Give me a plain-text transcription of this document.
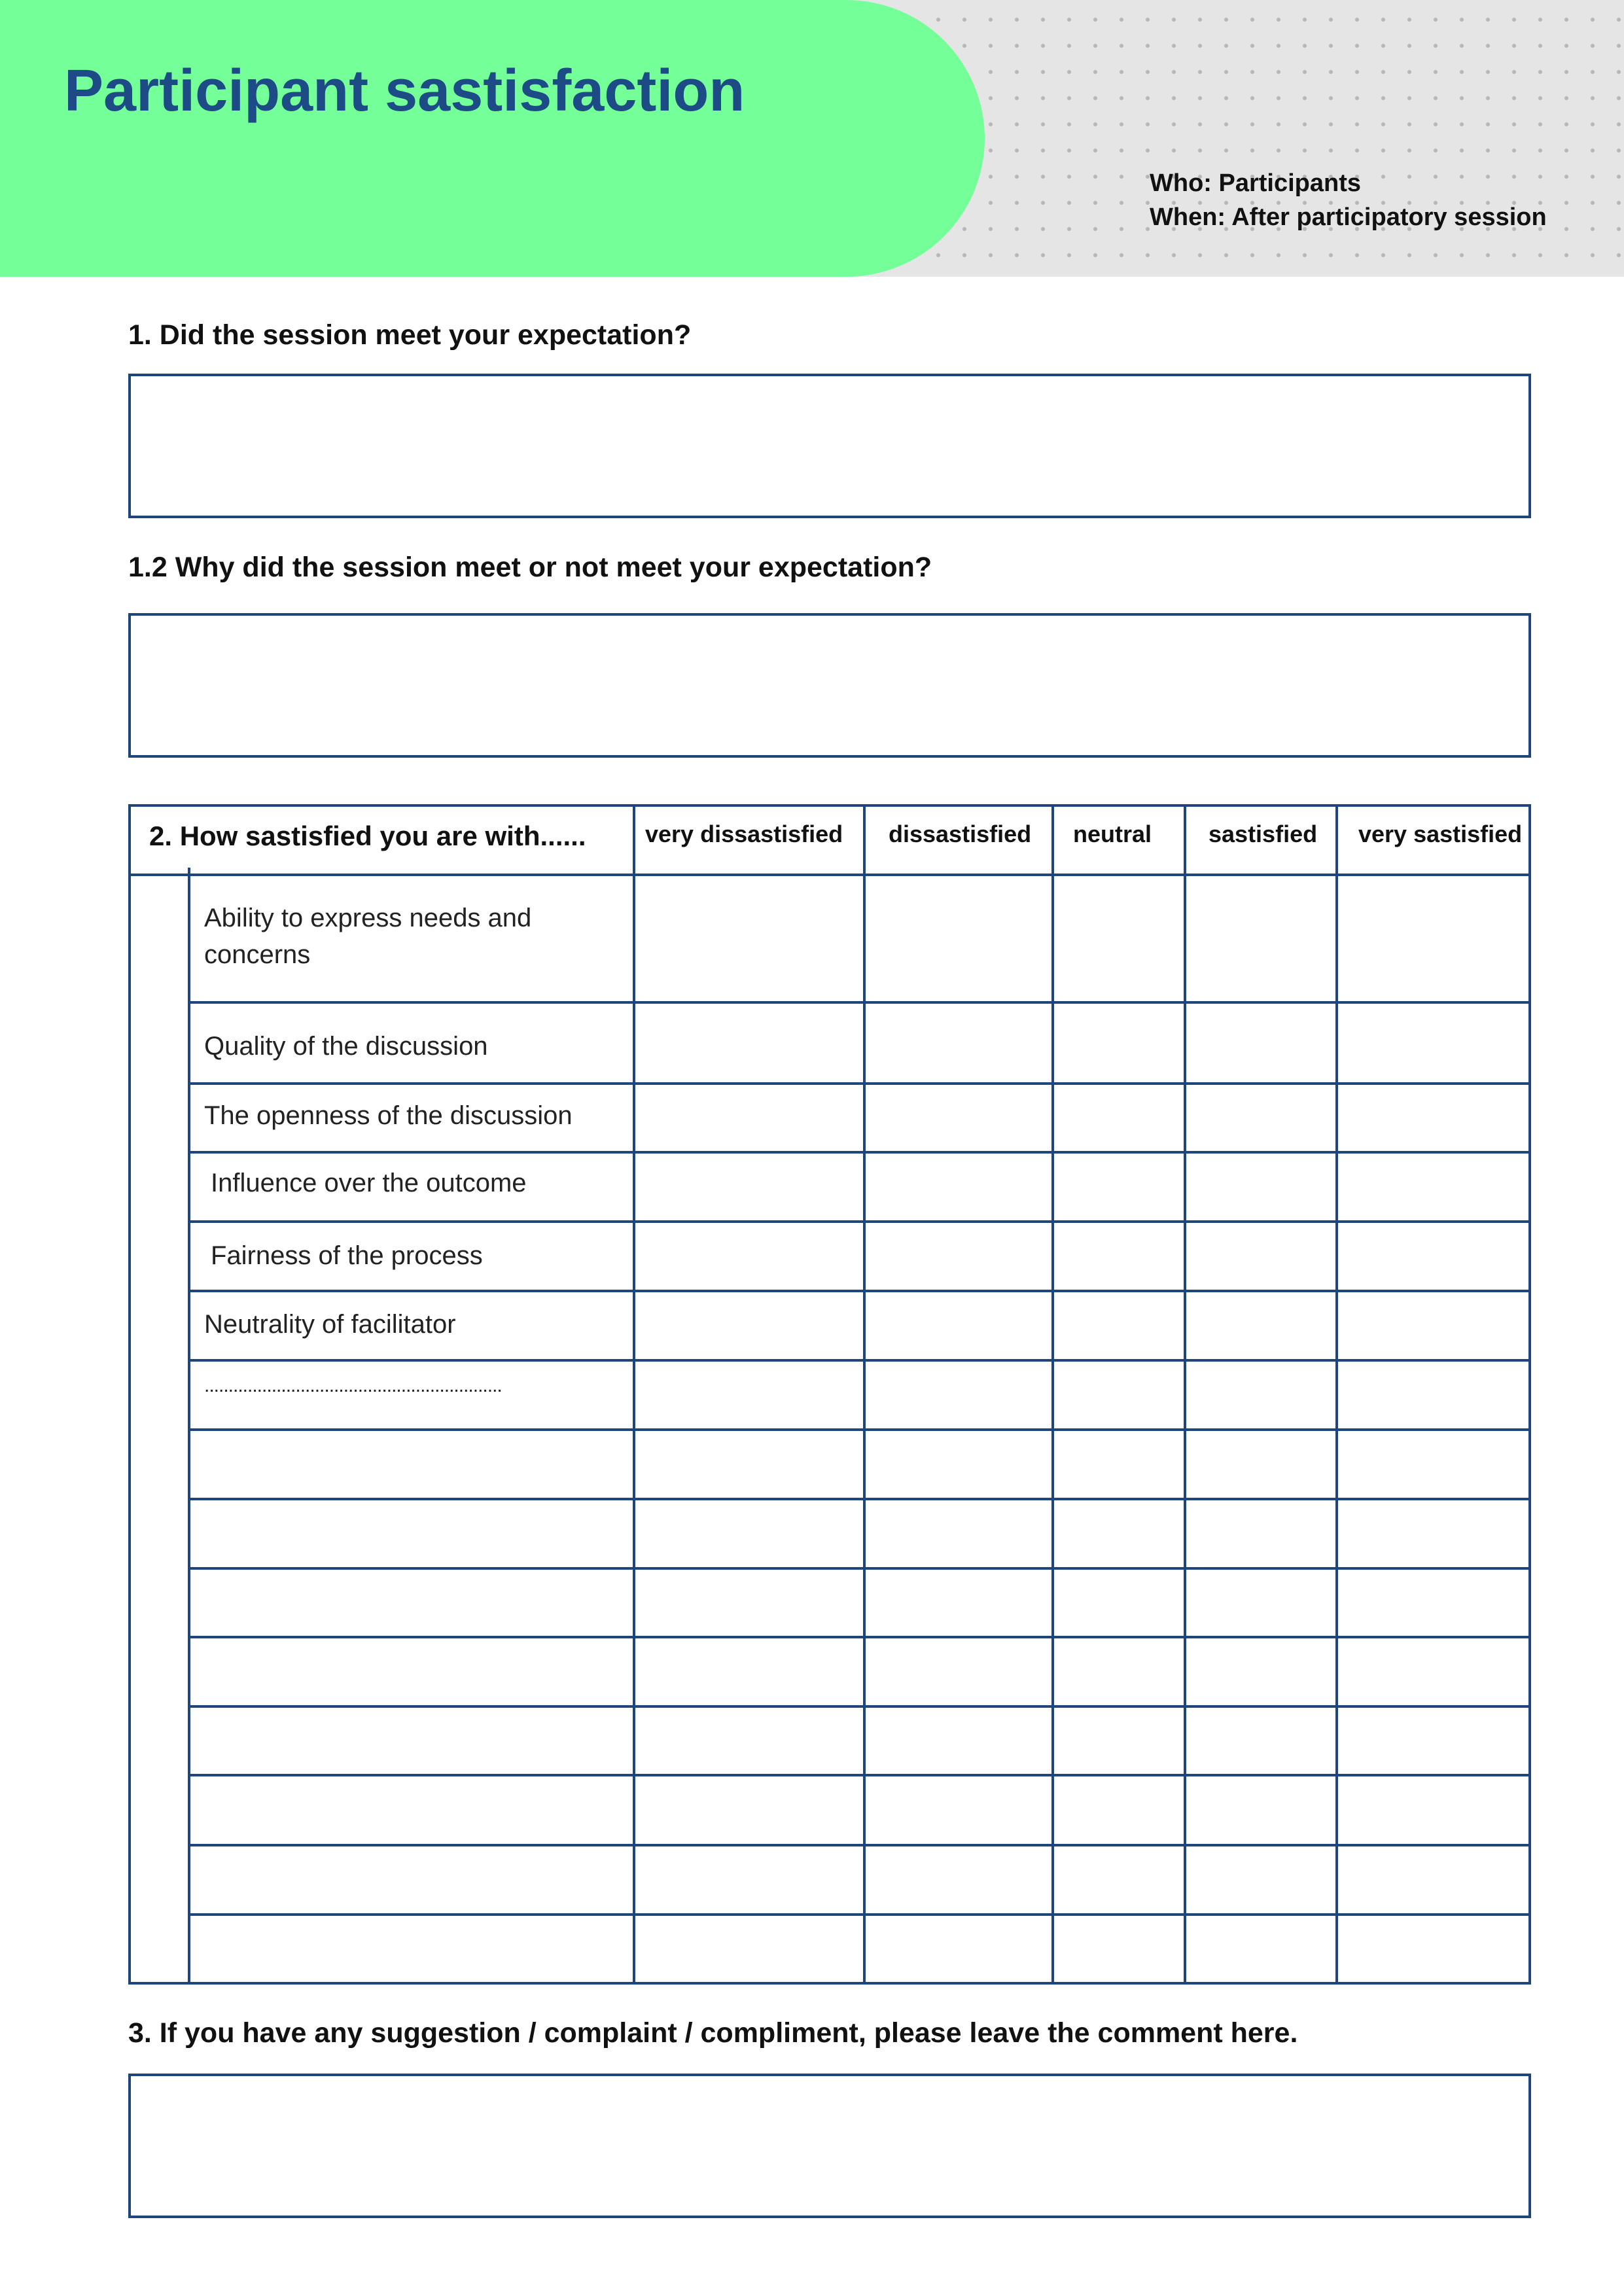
Participant sastisfaction
Who: Participants
When: After participatory session

1. Did the session meet your expectation?

1.2 Why did the session meet or not meet your expectation?

2. How sastisfied you are with......	very dissastisfied dissastisfied neutral sastisfied very sastisfied
Ability to express needs and concerns
Quality of the discussion
The openness of the discussion
Influence over the outcome
Fairness of the process
Neutrality of facilitator
..............................................................

3. If you have any suggestion / complaint / compliment, please leave the comment here.
